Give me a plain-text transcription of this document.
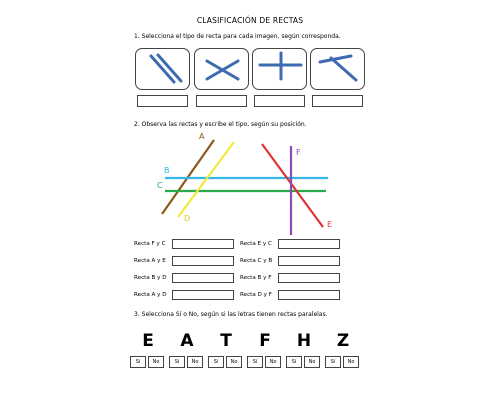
CLASIFICACIÓN DE RECTAS
1. Selecciona el tipo de recta para cada imagen, según corresponda.
2. Observa las rectas y escribe el tipo, según su posición.
A
B
C
D
E
F
Recta F y C	Recta E y C
Recta A y E	Recta C y B
Recta B y D	Recta B y F
Recta A y D	Recta D y F
3. Selecciona Sí o No, según si las letras tienen rectas paralelas.
E	A	T	F	H	Z
Sí	No	Sí	No	Sí	No	Sí	No	Sí	No	Sí	No
